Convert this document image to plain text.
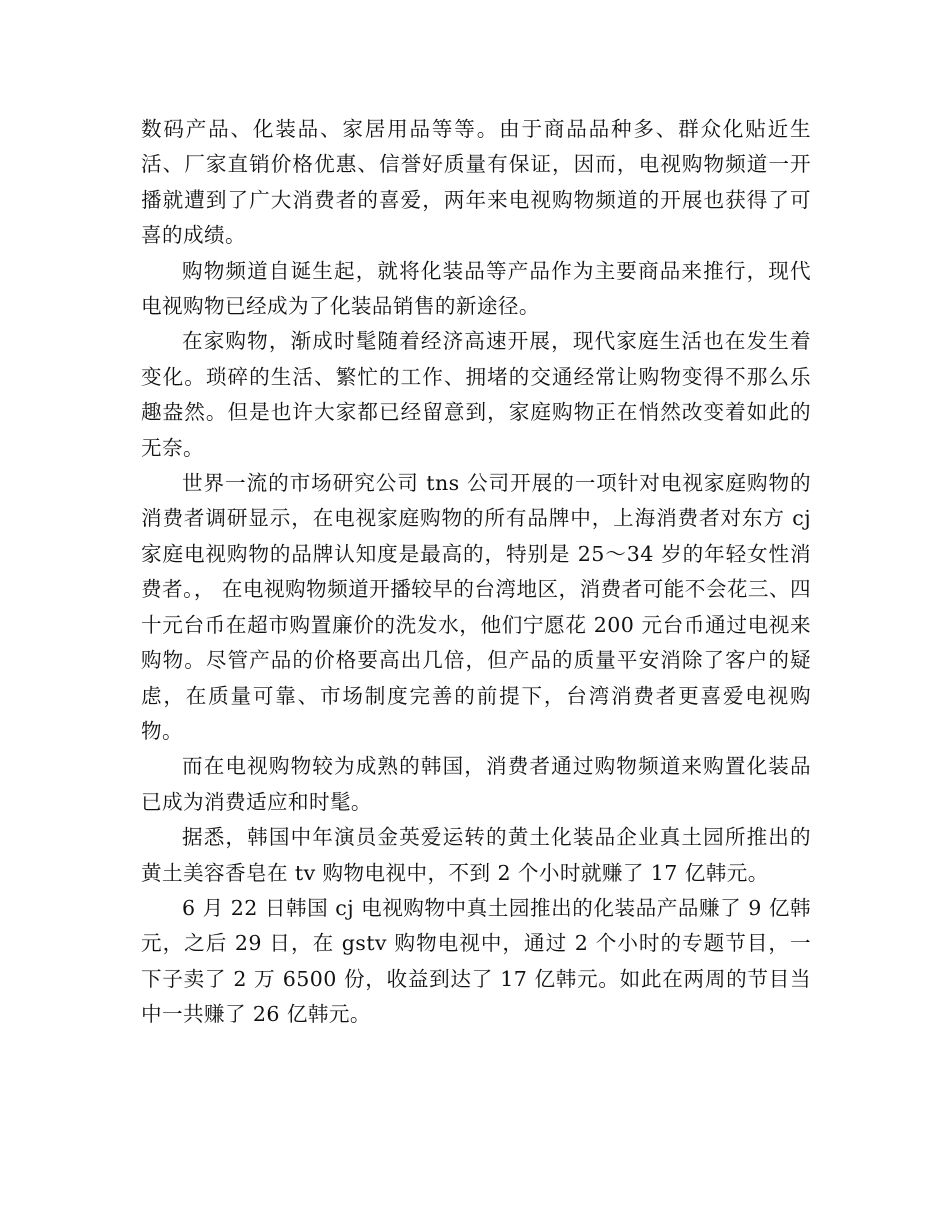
数码产品、化装品、家居用品等等。由于商品品种多、群众化贴近生活、厂家直销价格优惠、信誉好质量有保证，因而，电视购物频道一开播就遭到了广大消费者的喜爱，两年来电视购物频道的开展也获得了可喜的成绩。

购物频道自诞生起，就将化装品等产品作为主要商品来推行，现代电视购物已经成为了化装品销售的新途径。

在家购物，渐成时髦随着经济高速开展，现代家庭生活也在发生着变化。琐碎的生活、繁忙的工作、拥堵的交通经常让购物变得不那么乐趣盎然。但是也许大家都已经留意到，家庭购物正在悄然改变着如此的无奈。

世界一流的市场研究公司 tns 公司开展的一项针对电视家庭购物的消费者调研显示，在电视家庭购物的所有品牌中，上海消费者对东方 cj 家庭电视购物的品牌认知度是最高的，特别是 25～34 岁的年轻女性消费者。， 在电视购物频道开播较早的台湾地区，消费者可能不会花三、四十元台币在超市购置廉价的洗发水，他们宁愿花 200 元台币通过电视来购物。尽管产品的价格要高出几倍，但产品的质量平安消除了客户的疑虑，在质量可靠、市场制度完善的前提下，台湾消费者更喜爱电视购物。

而在电视购物较为成熟的韩国，消费者通过购物频道来购置化装品已成为消费适应和时髦。

据悉，韩国中年演员金英爱运转的黄土化装品企业真土园所推出的黄土美容香皂在 tv 购物电视中，不到 2 个小时就赚了 17 亿韩元。

6 月 22 日韩国 cj 电视购物中真土园推出的化装品产品赚了 9 亿韩元，之后 29 日，在 gstv 购物电视中，通过 2 个小时的专题节目，一下子卖了 2 万 6500 份，收益到达了 17 亿韩元。如此在两周的节目当中一共赚了 26 亿韩元。
